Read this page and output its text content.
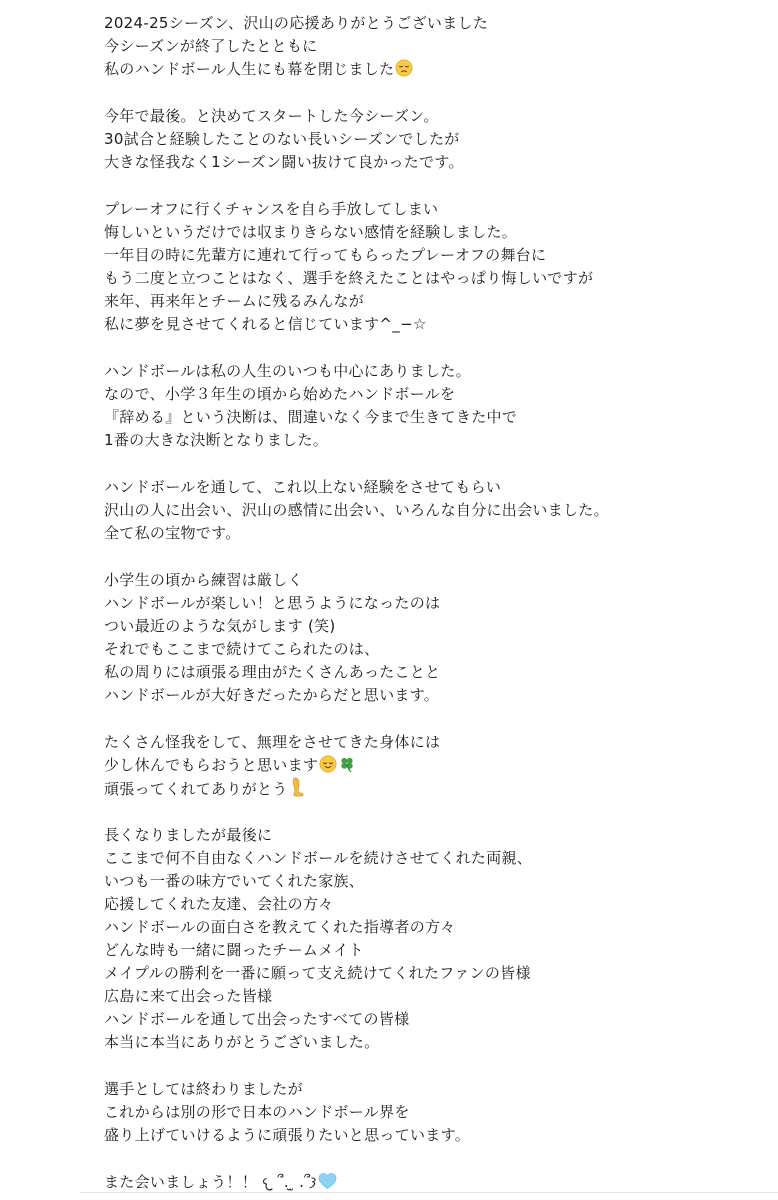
2024-25シーズン、沢山の応援ありがとうございました
今シーズンが終了したとともに
私のハンドボール人生にも幕を閉じました
今年で最後。と決めてスタートした今シーズン。
30試合と経験したことのない長いシーズンでしたが
大きな怪我なく1シーズン闘い抜けて良かったです。
プレーオフに行くチャンスを自ら手放してしまい
悔しいというだけでは収まりきらない感情を経験しました。
一年目の時に先輩方に連れて行ってもらったプレーオフの舞台に
もう二度と立つことはなく、選手を終えたことはやっぱり悔しいですが
来年、再来年とチームに残るみんなが
私に夢を見させてくれると信じています^_−☆
ハンドボールは私の人生のいつも中心にありました。
なので、小学３年生の頃から始めたハンドボールを
『辞める』という決断は、間違いなく今まで生きてきた中で
1番の大きな決断となりました。
ハンドボールを通して、これ以上ない経験をさせてもらい
沢山の人に出会い、沢山の感情に出会い、いろんな自分に出会いました。
全て私の宝物です。
小学生の頃から練習は厳しく
ハンドボールが楽しい！と思うようになったのは
つい最近のような気がします (笑)
それでもここまで続けてこられたのは、
私の周りには頑張る理由がたくさんあったことと
ハンドボールが大好きだったからだと思います。
たくさん怪我をして、無理をさせてきた身体には
少し休んでもらおうと思います
頑張ってくれてありがとう
長くなりましたが最後に
ここまで何不自由なくハンドボールを続けさせてくれた両親、
いつも一番の味方でいてくれた家族、
応援してくれた友達、会社の方々
ハンドボールの面白さを教えてくれた指導者の方々
どんな時も一緒に闘ったチームメイト
メイプルの勝利を一番に願って支え続けてくれたファンの皆様
広島に来て出会った皆様
ハンドボールを通して出会ったすべての皆様
本当に本当にありがとうございました。
選手としては終わりましたが
これからは別の形で日本のハンドボール界を
盛り上げていけるように頑張りたいと思っています。
また会いましょう！！ 𐔌 ՞. ̫ .՞𐦯
